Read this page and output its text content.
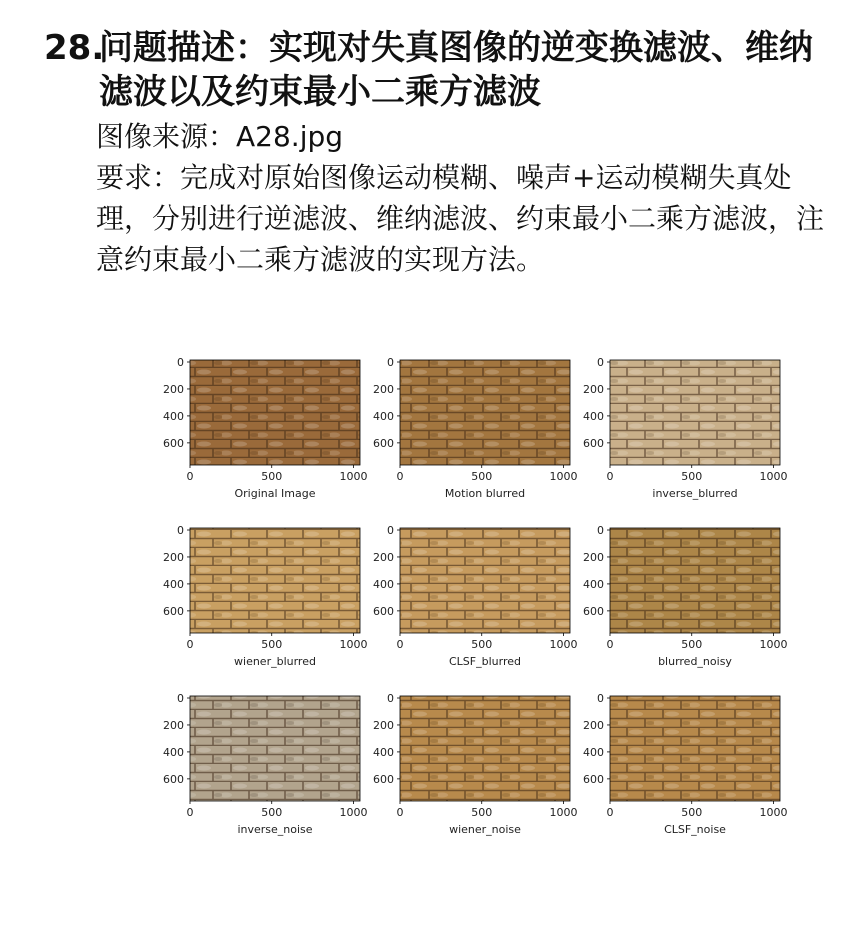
28.
问题描述：实现对失真图像的逆变换滤波、维纳滤波以及约束最小二乘方滤波
图像来源：A28.jpg
要求：完成对原始图像运动模糊、噪声+运动模糊失真处理，分别进行逆滤波、维纳滤波、约束最小二乘方滤波，注意约束最小二乘方滤波的实现方法。
0
200
400
600
0	500	1000
Original Image
0
200
400
600
0	500	1000
Motion blurred
0
200
400
600
0	500	1000
inverse_blurred
0
200
400
600
0	500	1000
wiener_blurred
0
200
400
600
0	500	1000
CLSF_blurred
0
200
400
600
0	500	1000
blurred_noisy
0
200
400
600
0	500	1000
inverse_noise
0
200
400
600
0	500	1000
wiener_noise
0
200
400
600
0	500	1000
CLSF_noise
